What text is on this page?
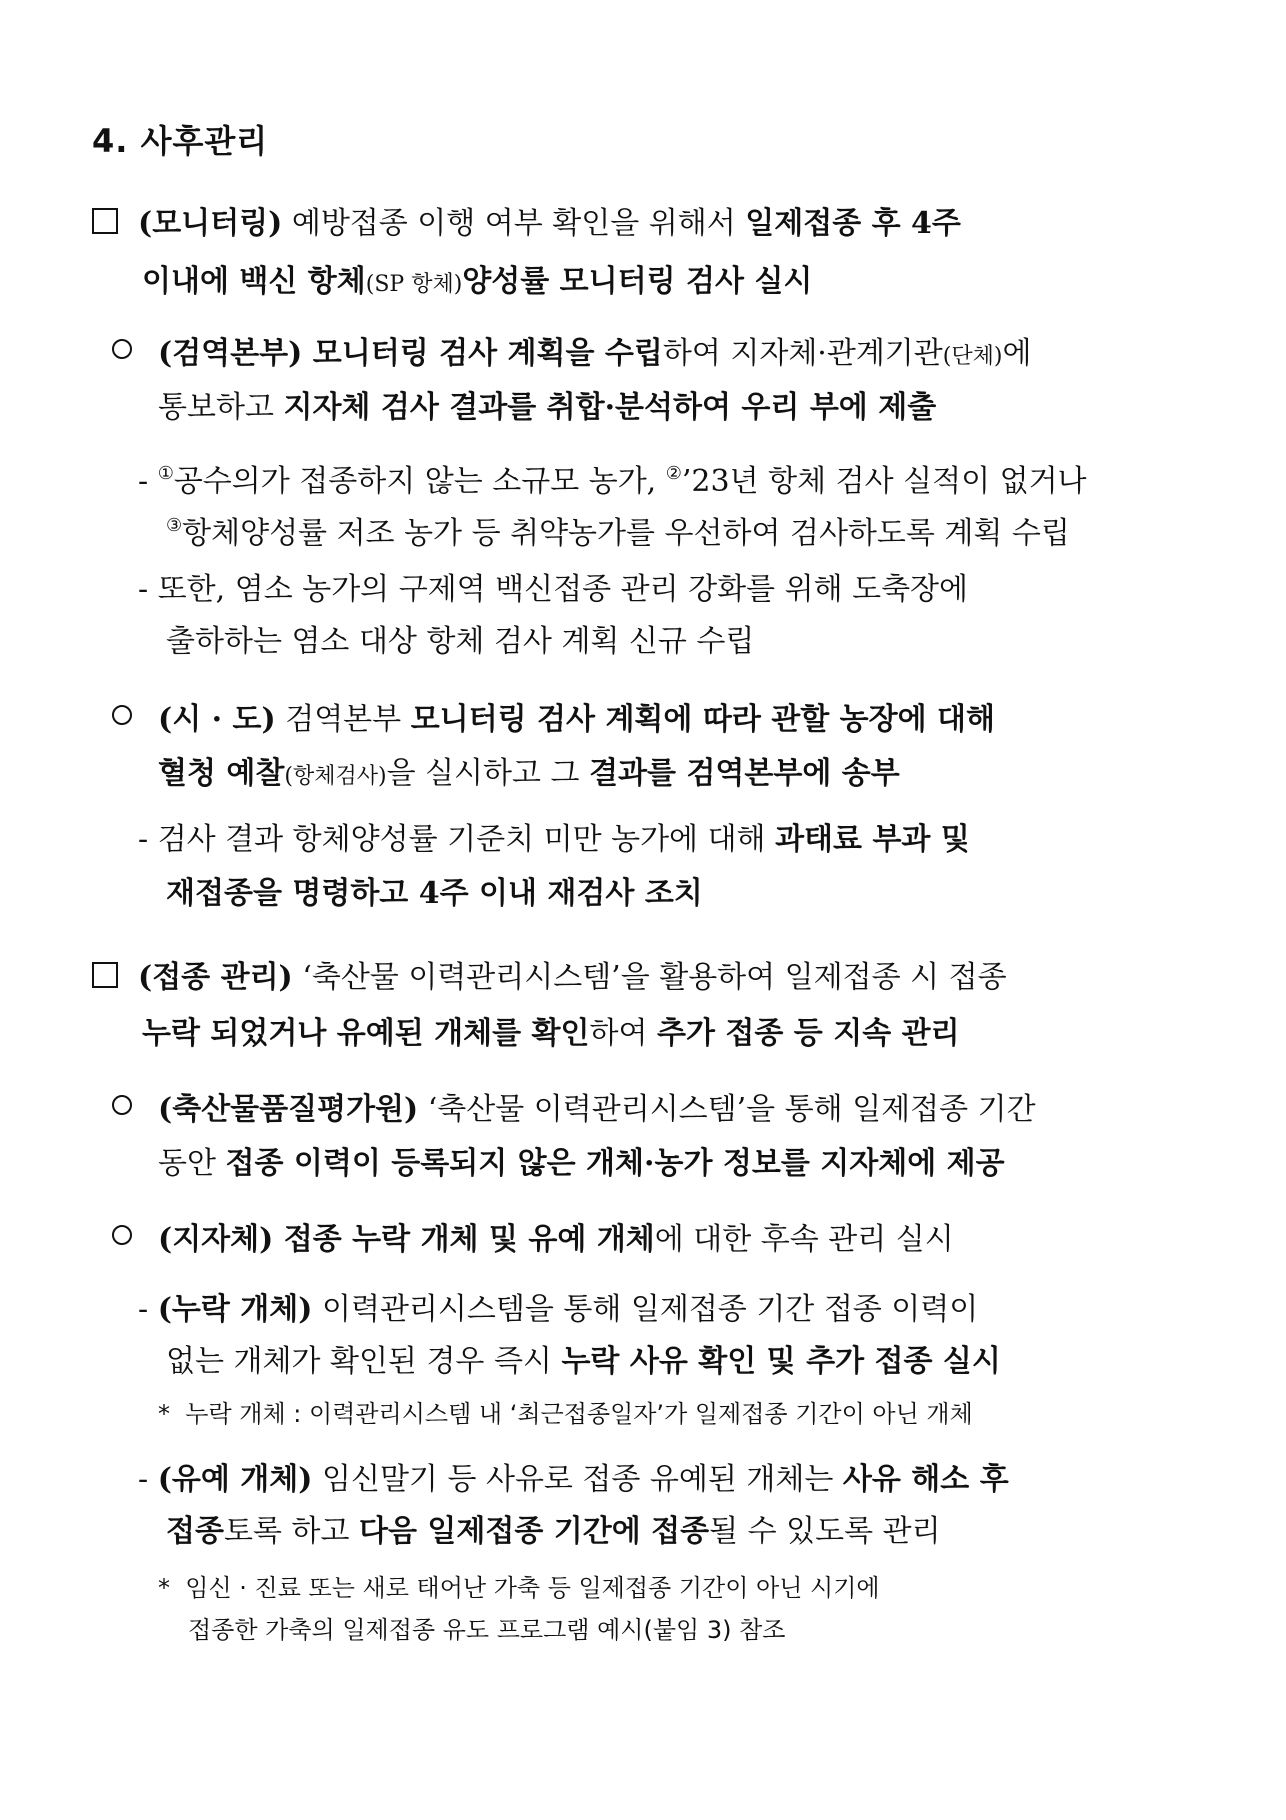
4. 사후관리
(모니터링) 예방접종 이행 여부 확인을 위해서 일제접종 후 4주
이내에 백신 항체(SP 항체)양성률 모니터링 검사 실시
(검역본부) 모니터링 검사 계획을 수립하여 지자체·관계기관(단체)에
통보하고 지자체 검사 결과를 취합·분석하여 우리 부에 제출
- ①공수의가 접종하지 않는 소규모 농가, ②’23년 항체 검사 실적이 없거나
③항체양성률 저조 농가 등 취약농가를 우선하여 검사하도록 계획 수립
- 또한, 염소 농가의 구제역 백신접종 관리 강화를 위해 도축장에
출하하는 염소 대상 항체 검사 계획 신규 수립
(시 · 도) 검역본부 모니터링 검사 계획에 따라 관할 농장에 대해
혈청 예찰(항체검사)을 실시하고 그 결과를 검역본부에 송부
- 검사 결과 항체양성률 기준치 미만 농가에 대해 과태료 부과 및
재접종을 명령하고 4주 이내 재검사 조치
(접종 관리) ‘축산물 이력관리시스템’을 활용하여 일제접종 시 접종
누락 되었거나 유예된 개체를 확인하여 추가 접종 등 지속 관리
(축산물품질평가원) ‘축산물 이력관리시스템’을 통해 일제접종 기간
동안 접종 이력이 등록되지 않은 개체·농가 정보를 지자체에 제공
(지자체) 접종 누락 개체 및 유예 개체에 대한 후속 관리 실시
- (누락 개체) 이력관리시스템을 통해 일제접종 기간 접종 이력이
없는 개체가 확인된 경우 즉시 누락 사유 확인 및 추가 접종 실시
* 누락 개체 : 이력관리시스템 내 ‘최근접종일자’가 일제접종 기간이 아닌 개체
- (유예 개체) 임신말기 등 사유로 접종 유예된 개체는 사유 해소 후
접종토록 하고 다음 일제접종 기간에 접종될 수 있도록 관리
* 임신 · 진료 또는 새로 태어난 가축 등 일제접종 기간이 아닌 시기에
접종한 가축의 일제접종 유도 프로그램 예시(붙임 3) 참조
